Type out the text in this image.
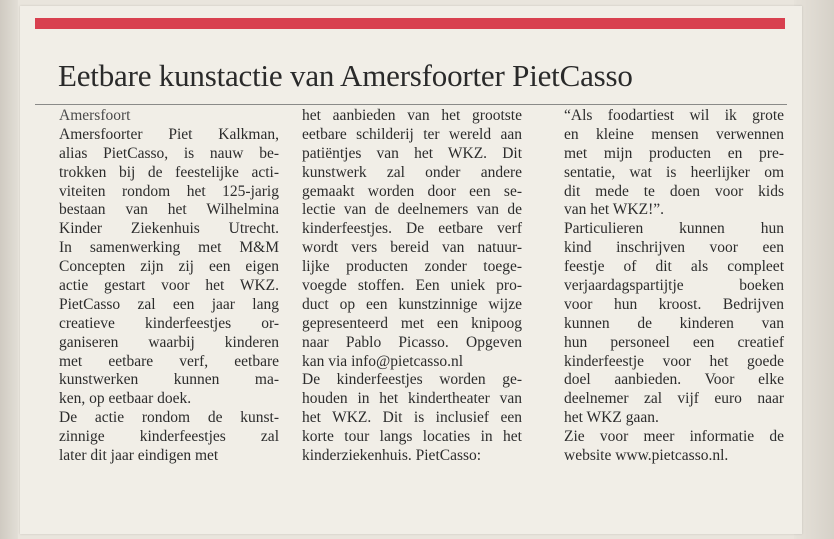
Eetbare kunstactie van Amersfoorter PietCasso
Amersfoort
Amersfoorter Piet Kalkman,
alias PietCasso, is nauw be-
trokken bij de feestelijke acti-
viteiten rondom het 125-jarig
bestaan van het Wilhelmina
Kinder Ziekenhuis Utrecht.
In samenwerking met M&M
Concepten zijn zij een eigen
actie gestart voor het WKZ.
PietCasso zal een jaar lang
creatieve kinderfeestjes or-
ganiseren waarbij kinderen
met eetbare verf, eetbare
kunstwerken kunnen ma-
ken, op eetbaar doek.
De actie rondom de kunst-
zinnige kinderfeestjes zal
later dit jaar eindigen met
het aanbieden van het grootste
eetbare schilderij ter wereld aan
patiëntjes van het WKZ. Dit
kunstwerk zal onder andere
gemaakt worden door een se-
lectie van de deelnemers van de
kinderfeestjes. De eetbare verf
wordt vers bereid van natuur-
lijke producten zonder toege-
voegde stoffen. Een uniek pro-
duct op een kunstzinnige wijze
gepresenteerd met een knipoog
naar Pablo Picasso. Opgeven
kan via info@pietcasso.nl
De kinderfeestjes worden ge-
houden in het kindertheater van
het WKZ. Dit is inclusief een
korte tour langs locaties in het
kinderziekenhuis. PietCasso:
“Als foodartiest wil ik grote
en kleine mensen verwennen
met mijn producten en pre-
sentatie, wat is heerlijker om
dit mede te doen voor kids
van het WKZ!”.
Particulieren kunnen hun
kind inschrijven voor een
feestje of dit als compleet
verjaardagspartijtje boeken
voor hun kroost. Bedrijven
kunnen de kinderen van
hun personeel een creatief
kinderfeestje voor het goede
doel aanbieden. Voor elke
deelnemer zal vijf euro naar
het WKZ gaan.
Zie voor meer informatie de
website www.pietcasso.nl.
